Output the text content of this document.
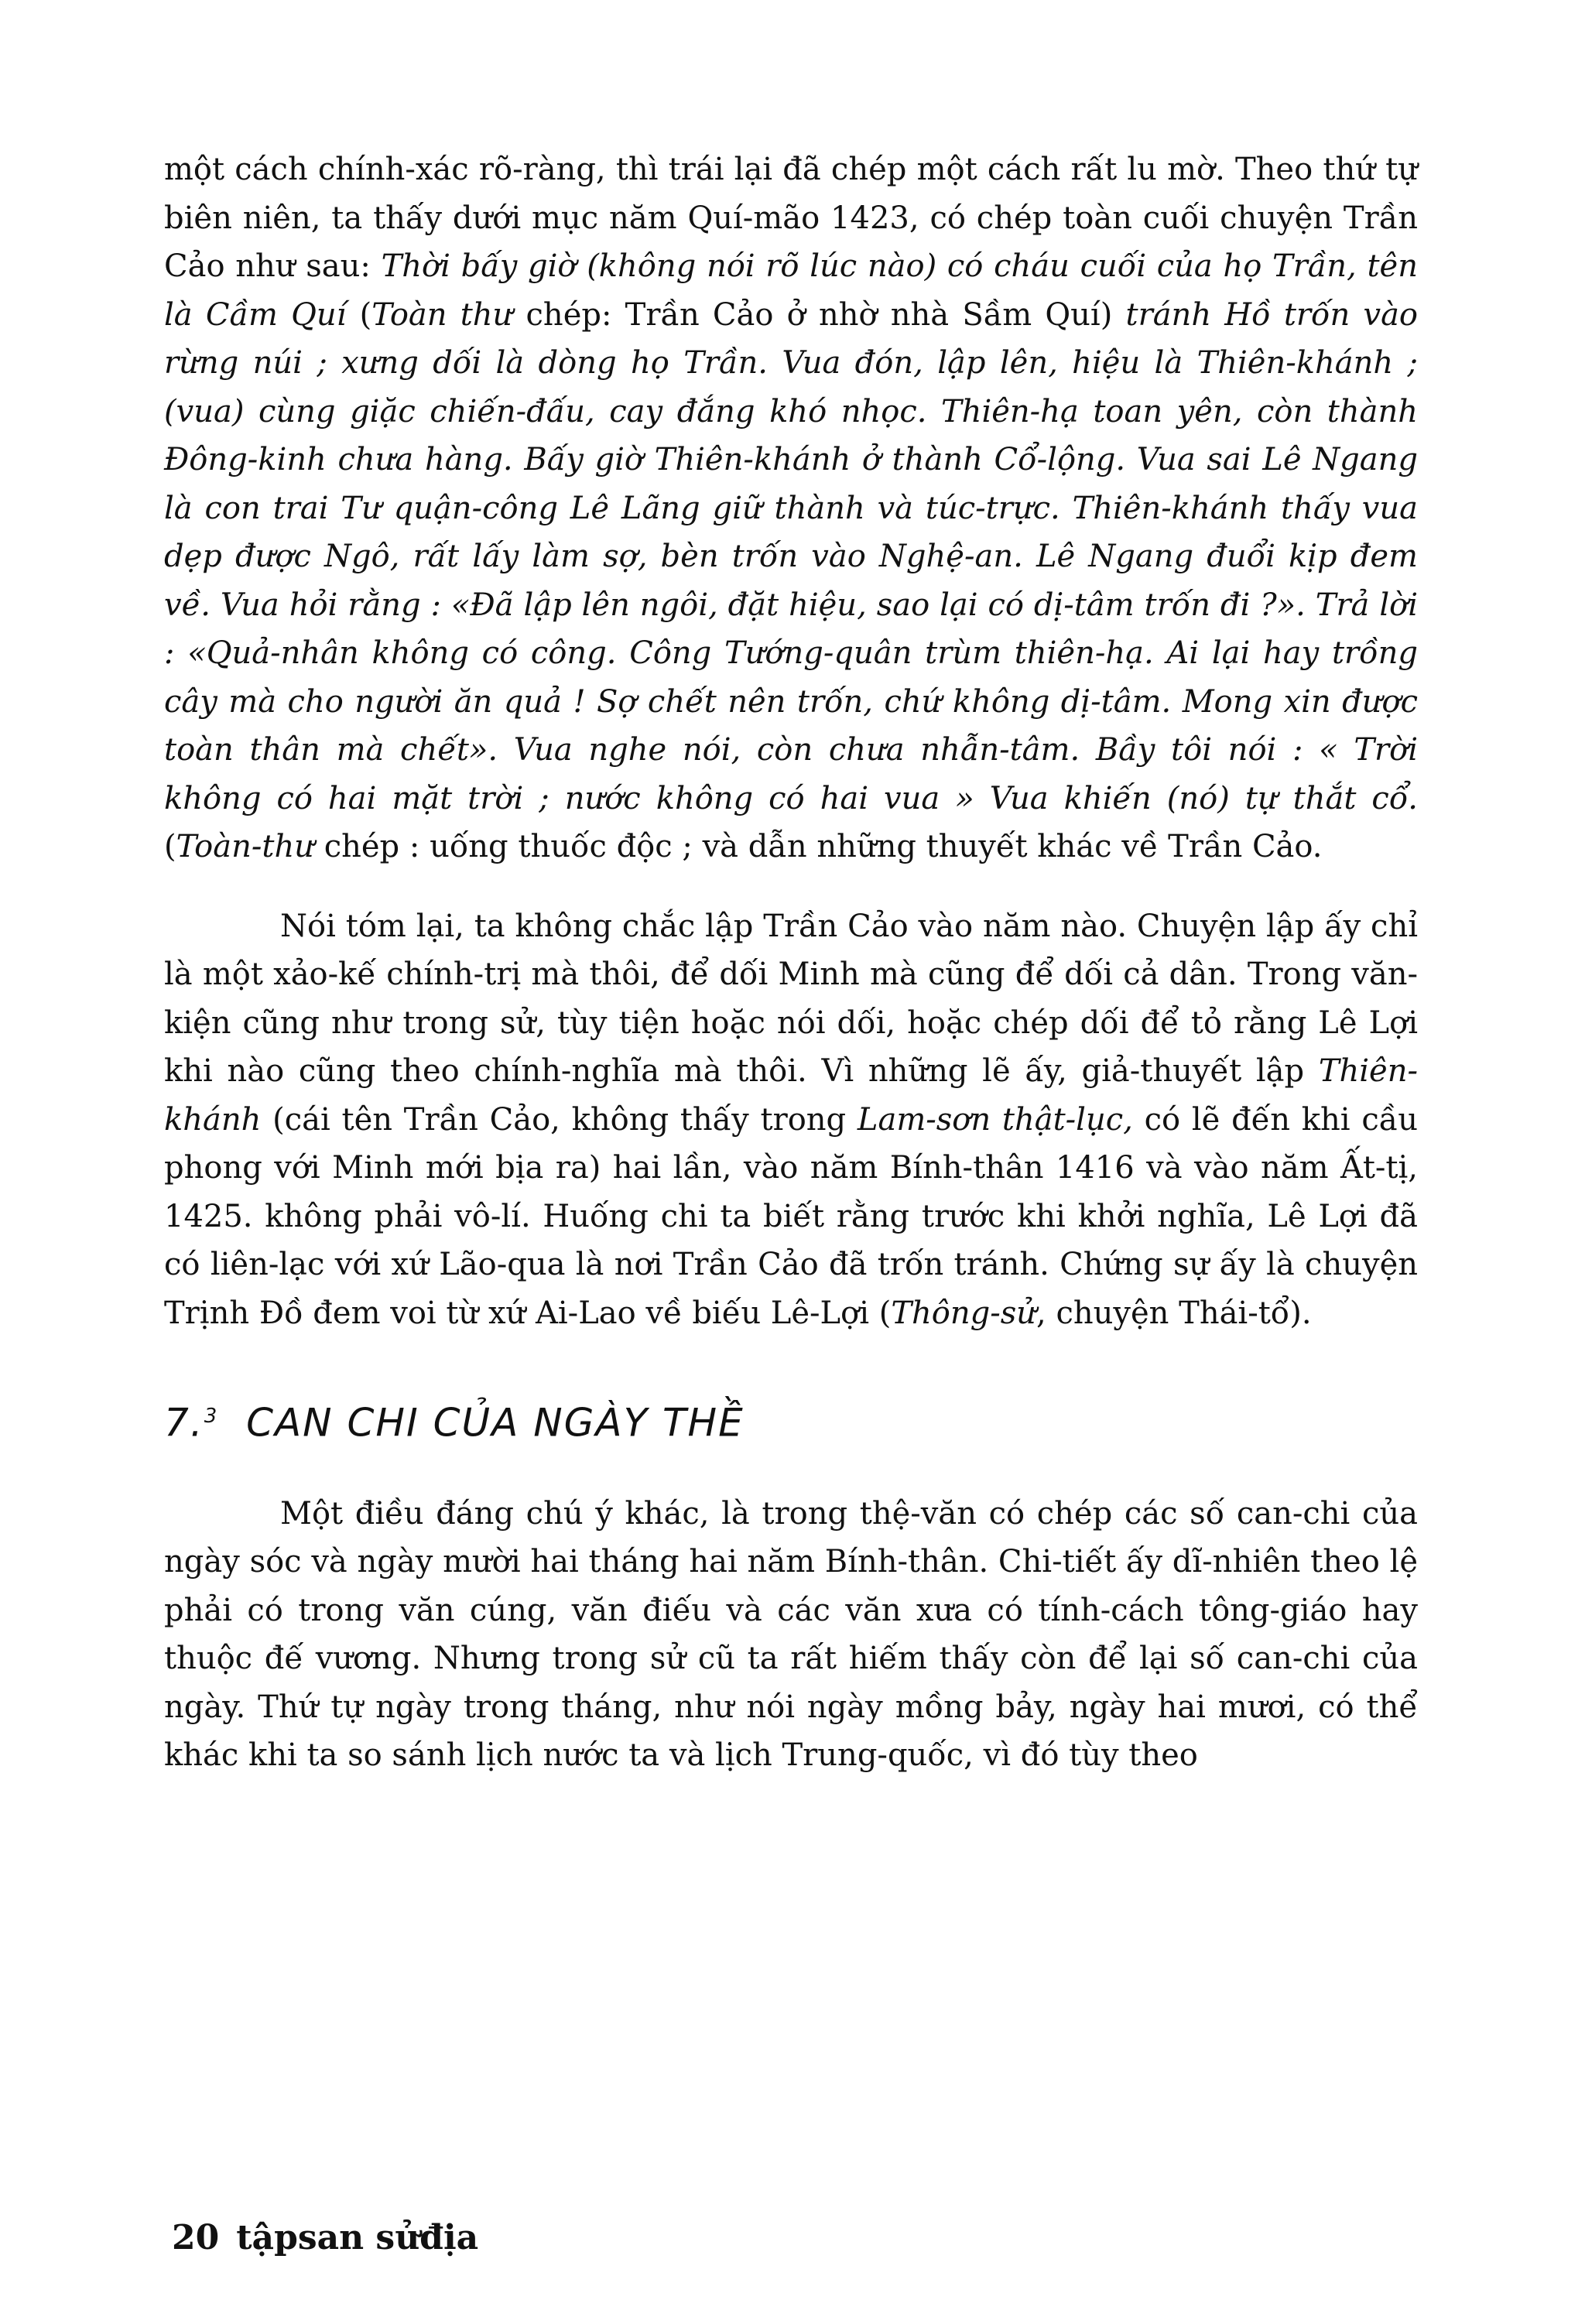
một cách chính-xác rõ-ràng, thì trái lại đã chép một cách rất lu mờ. Theo thứ tự biên niên, ta thấy dưới mục năm Quí-mão 1423, có chép toàn cuối chuyện Trần Cảo như sau: Thời bấy giờ (không nói rõ lúc nào) có cháu cuối của họ Trần, tên là Cầm Quí (Toàn thư chép: Trần Cảo ở nhờ nhà Sầm Quí) tránh Hồ trốn vào rừng núi ; xưng dối là dòng họ Trần. Vua đón, lập lên, hiệu là Thiên-khánh ; (vua) cùng giặc chiến-đấu, cay đắng khó nhọc. Thiên-hạ toan yên, còn thành Đông-kinh chưa hàng. Bấy giờ Thiên-khánh ở thành Cổ-lộng. Vua sai Lê Ngang là con trai Tư quận-công Lê Lãng giữ thành và túc-trực. Thiên-khánh thấy vua dẹp được Ngô, rất lấy làm sợ, bèn trốn vào Nghệ-an. Lê Ngang đuổi kịp đem về. Vua hỏi rằng : «Đã lập lên ngôi, đặt hiệu, sao lại có dị-tâm trốn đi ?». Trả lời : «Quả-nhân không có công. Công Tướng-quân trùm thiên-hạ. Ai lại hay trồng cây mà cho người ăn quả ! Sợ chết nên trốn, chứ không dị-tâm. Mong xin được toàn thân mà chết». Vua nghe nói, còn chưa nhẫn-tâm. Bầy tôi nói : « Trời không có hai mặt trời ; nước không có hai vua » Vua khiến (nó) tự thắt cổ. (Toàn-thư chép : uống thuốc độc ; và dẫn những thuyết khác về Trần Cảo.

Nói tóm lại, ta không chắc lập Trần Cảo vào năm nào. Chuyện lập ấy chỉ là một xảo-kế chính-trị mà thôi, để dối Minh mà cũng để dối cả dân. Trong văn-kiện cũng như trong sử, tùy tiện hoặc nói dối, hoặc chép dối để tỏ rằng Lê Lợi khi nào cũng theo chính-nghĩa mà thôi. Vì những lẽ ấy, giả-thuyết lập Thiên-khánh (cái tên Trần Cảo, không thấy trong Lam-sơn thật-lục, có lẽ đến khi cầu phong với Minh mới bịa ra) hai lần, vào năm Bính-thân 1416 và vào năm Ất-tị, 1425. không phải vô-lí. Huống chi ta biết rằng trước khi khởi nghĩa, Lê Lợi đã có liên-lạc với xứ Lão-qua là nơi Trần Cảo đã trốn tránh. Chứng sự ấy là chuyện Trịnh Đồ đem voi từ xứ Ai-Lao về biếu Lê-Lợi (Thông-sử, chuyện Thái-tổ).

7.$^3$ CAN CHI CỦA NGÀY THỀ

Một điều đáng chú ý khác, là trong thệ-văn có chép các số can-chi của ngày sóc và ngày mười hai tháng hai năm Bính-thân. Chi-tiết ấy dĩ-nhiên theo lệ phải có trong văn cúng, văn điếu và các văn xưa có tính-cách tông-giáo hay thuộc đế vương. Nhưng trong sử cũ ta rất hiếm thấy còn để lại số can-chi của ngày. Thứ tự ngày trong tháng, như nói ngày mồng bảy, ngày hai mươi, có thể khác khi ta so sánh lịch nước ta và lịch Trung-quốc, vì đó tùy theo

20 tậpsan sửđịa
